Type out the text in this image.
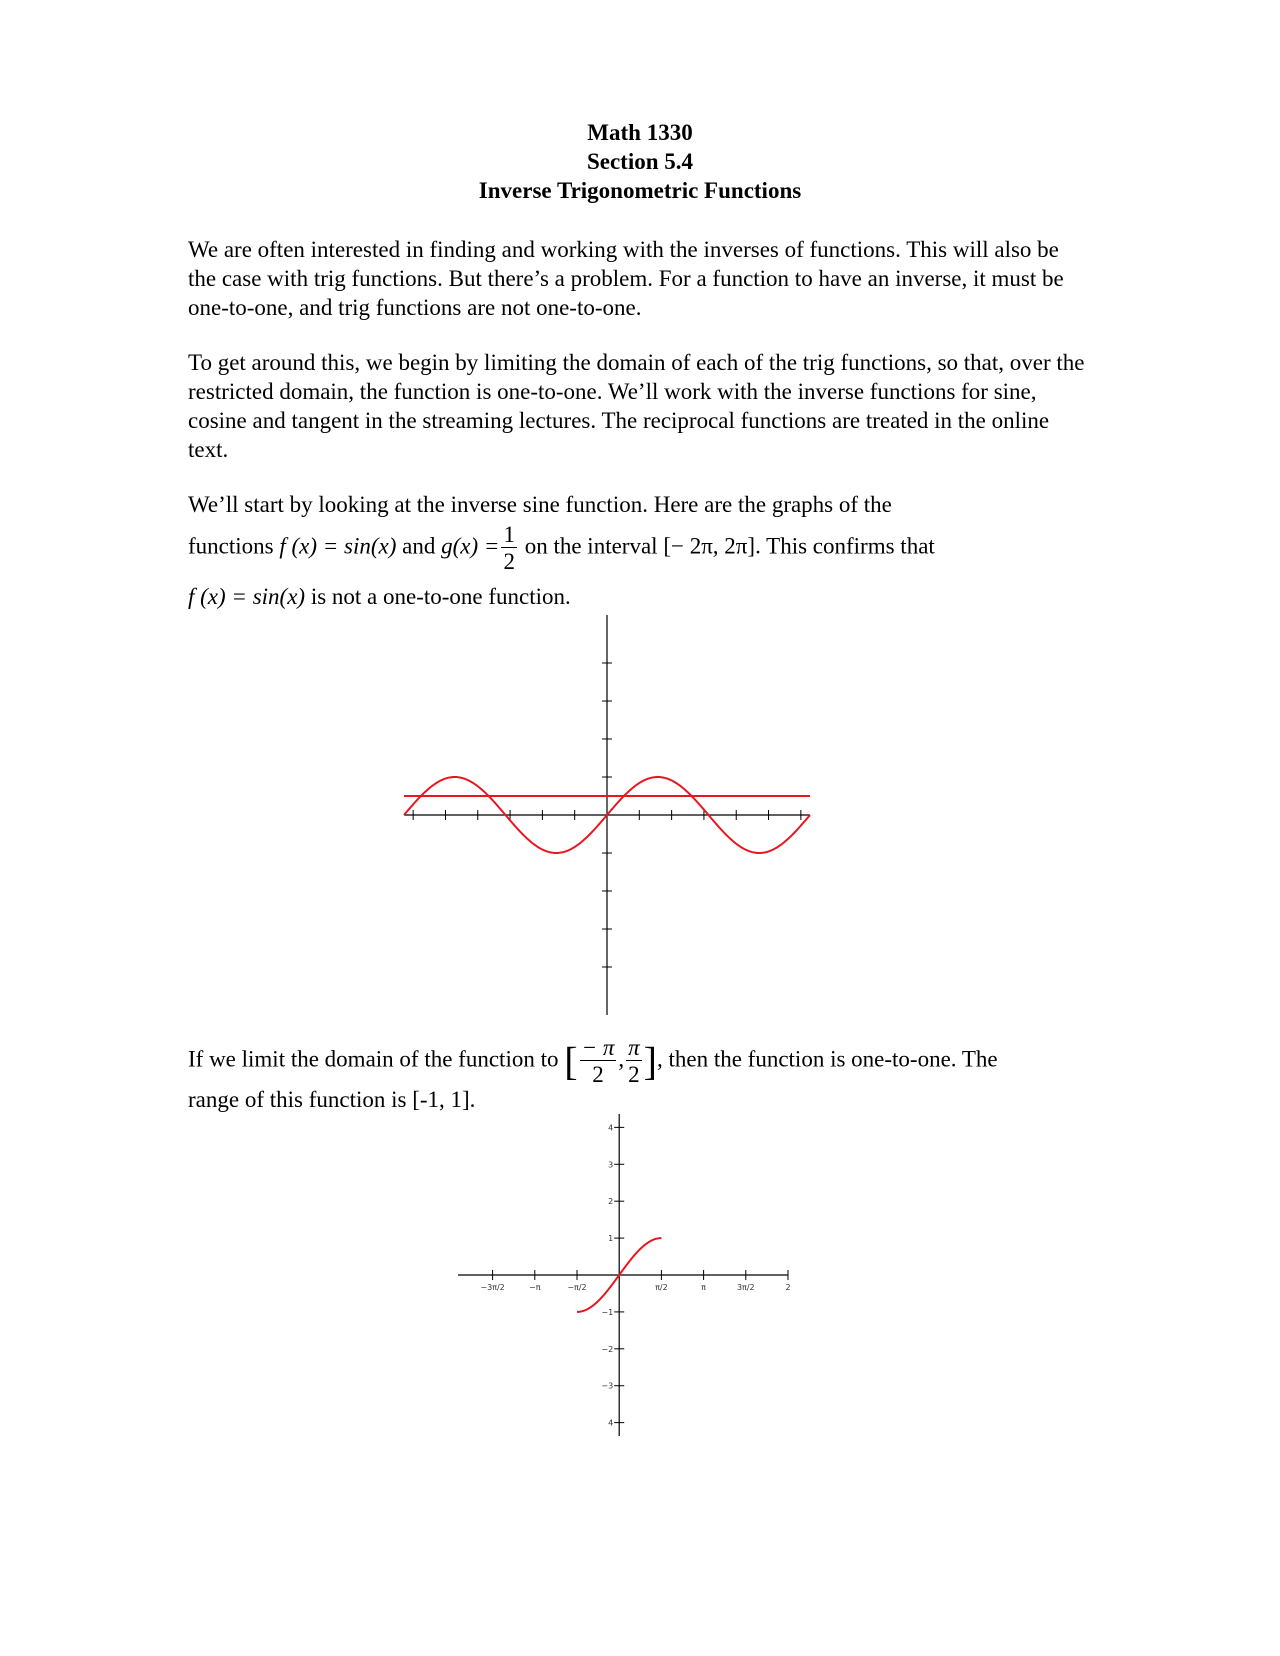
Math 1330
Section 5.4
Inverse Trigonometric Functions

We are often interested in finding and working with the inverses of functions. This will also be the case with trig functions. But there’s a problem. For a function to have an inverse, it must be one-to-one, and trig functions are not one-to-one.

To get around this, we begin by limiting the domain of each of the trig functions, so that, over the restricted domain, the function is one-to-one. We’ll work with the inverse functions for sine, cosine and tangent in the streaming lectures. The reciprocal functions are treated in the online text.

We’ll start by looking at the inverse sine function. Here are the graphs of the
functions f (x) = sin(x) and $g(x) = \frac{1}{2}$ on the interval [− 2π, 2π]. This confirms that
f (x) = sin(x) is not a one-to-one function.
If we limit the domain of the function to [ $\frac{- \pi}{2}$ , $\frac{\pi}{2}$ ], then the function is one-to-one. The
range of this function is [-1, 1].
−3π/2	−π	−π/2	π/2	π	3π/2	2
4
3
2
1
−1
−2
−3
4
